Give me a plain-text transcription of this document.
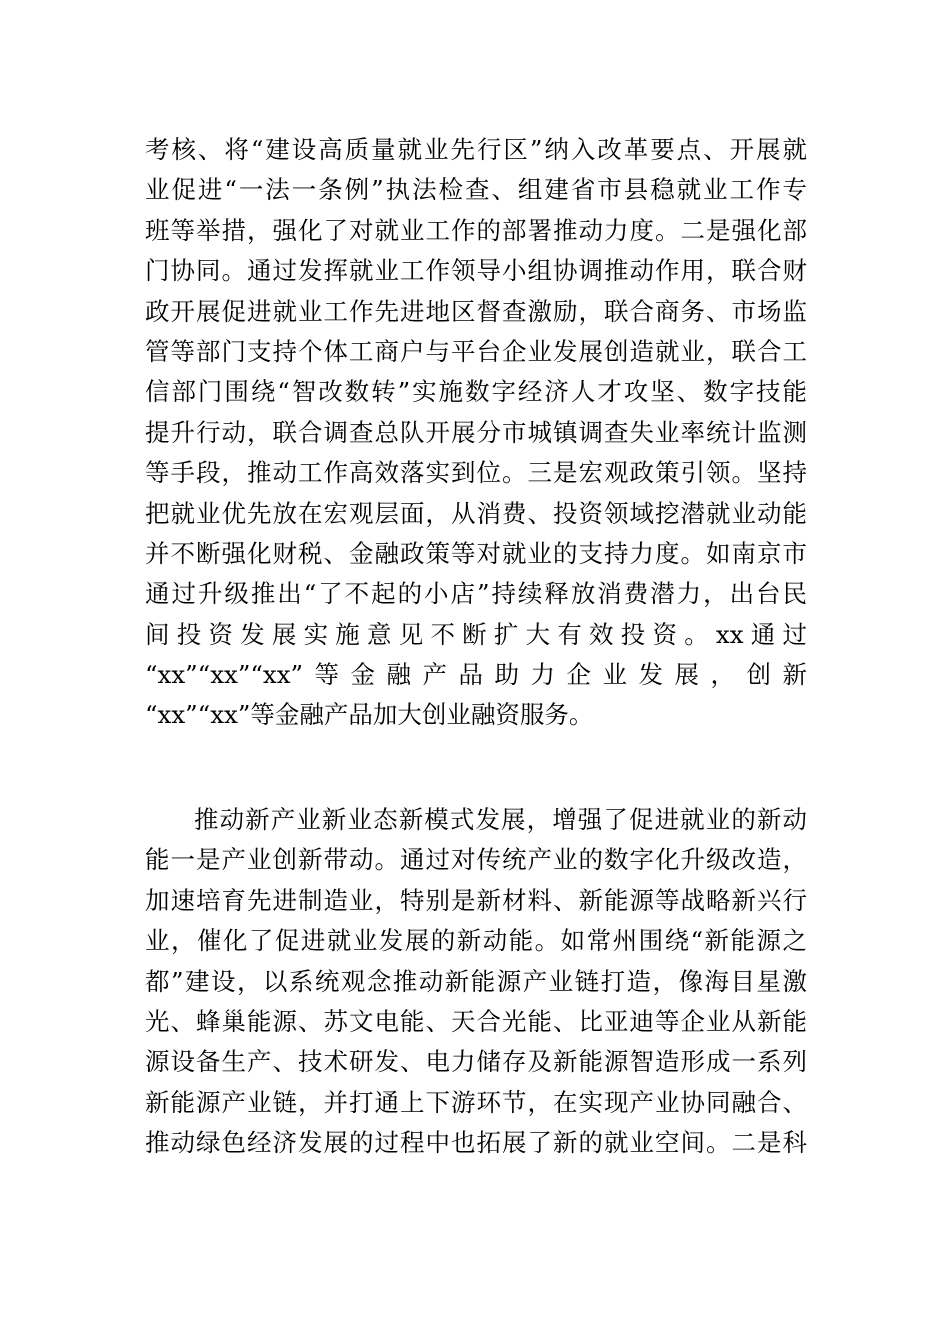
考核、将“建设高质量就业先行区”纳入改革要点、开展就
业促进“一法一条例”执法检查、组建省市县稳就业工作专
班等举措，强化了对就业工作的部署推动力度。二是强化部
门协同。通过发挥就业工作领导小组协调推动作用，联合财
政开展促进就业工作先进地区督查激励，联合商务、市场监
管等部门支持个体工商户与平台企业发展创造就业，联合工
信部门围绕“智改数转”实施数字经济人才攻坚、数字技能
提升行动，联合调查总队开展分市城镇调查失业率统计监测
等手段，推动工作高效落实到位。三是宏观政策引领。坚持
把就业优先放在宏观层面，从消费、投资领域挖潜就业动能
并不断强化财税、金融政策等对就业的支持力度。如南京市
通过升级推出“了不起的小店”持续释放消费潜力，出台民
间投资发展实施意见不断扩大有效投资。xx通过
“xx”“xx”“xx”等金融产品助力企业发展，创新
“xx”“xx”等金融产品加大创业融资服务。
推动新产业新业态新模式发展，增强了促进就业的新动
能一是产业创新带动。通过对传统产业的数字化升级改造，
加速培育先进制造业，特别是新材料、新能源等战略新兴行
业，催化了促进就业发展的新动能。如常州围绕“新能源之
都”建设，以系统观念推动新能源产业链打造，像海目星激
光、蜂巢能源、苏文电能、天合光能、比亚迪等企业从新能
源设备生产、技术研发、电力储存及新能源智造形成一系列
新能源产业链，并打通上下游环节，在实现产业协同融合、
推动绿色经济发展的过程中也拓展了新的就业空间。二是科
